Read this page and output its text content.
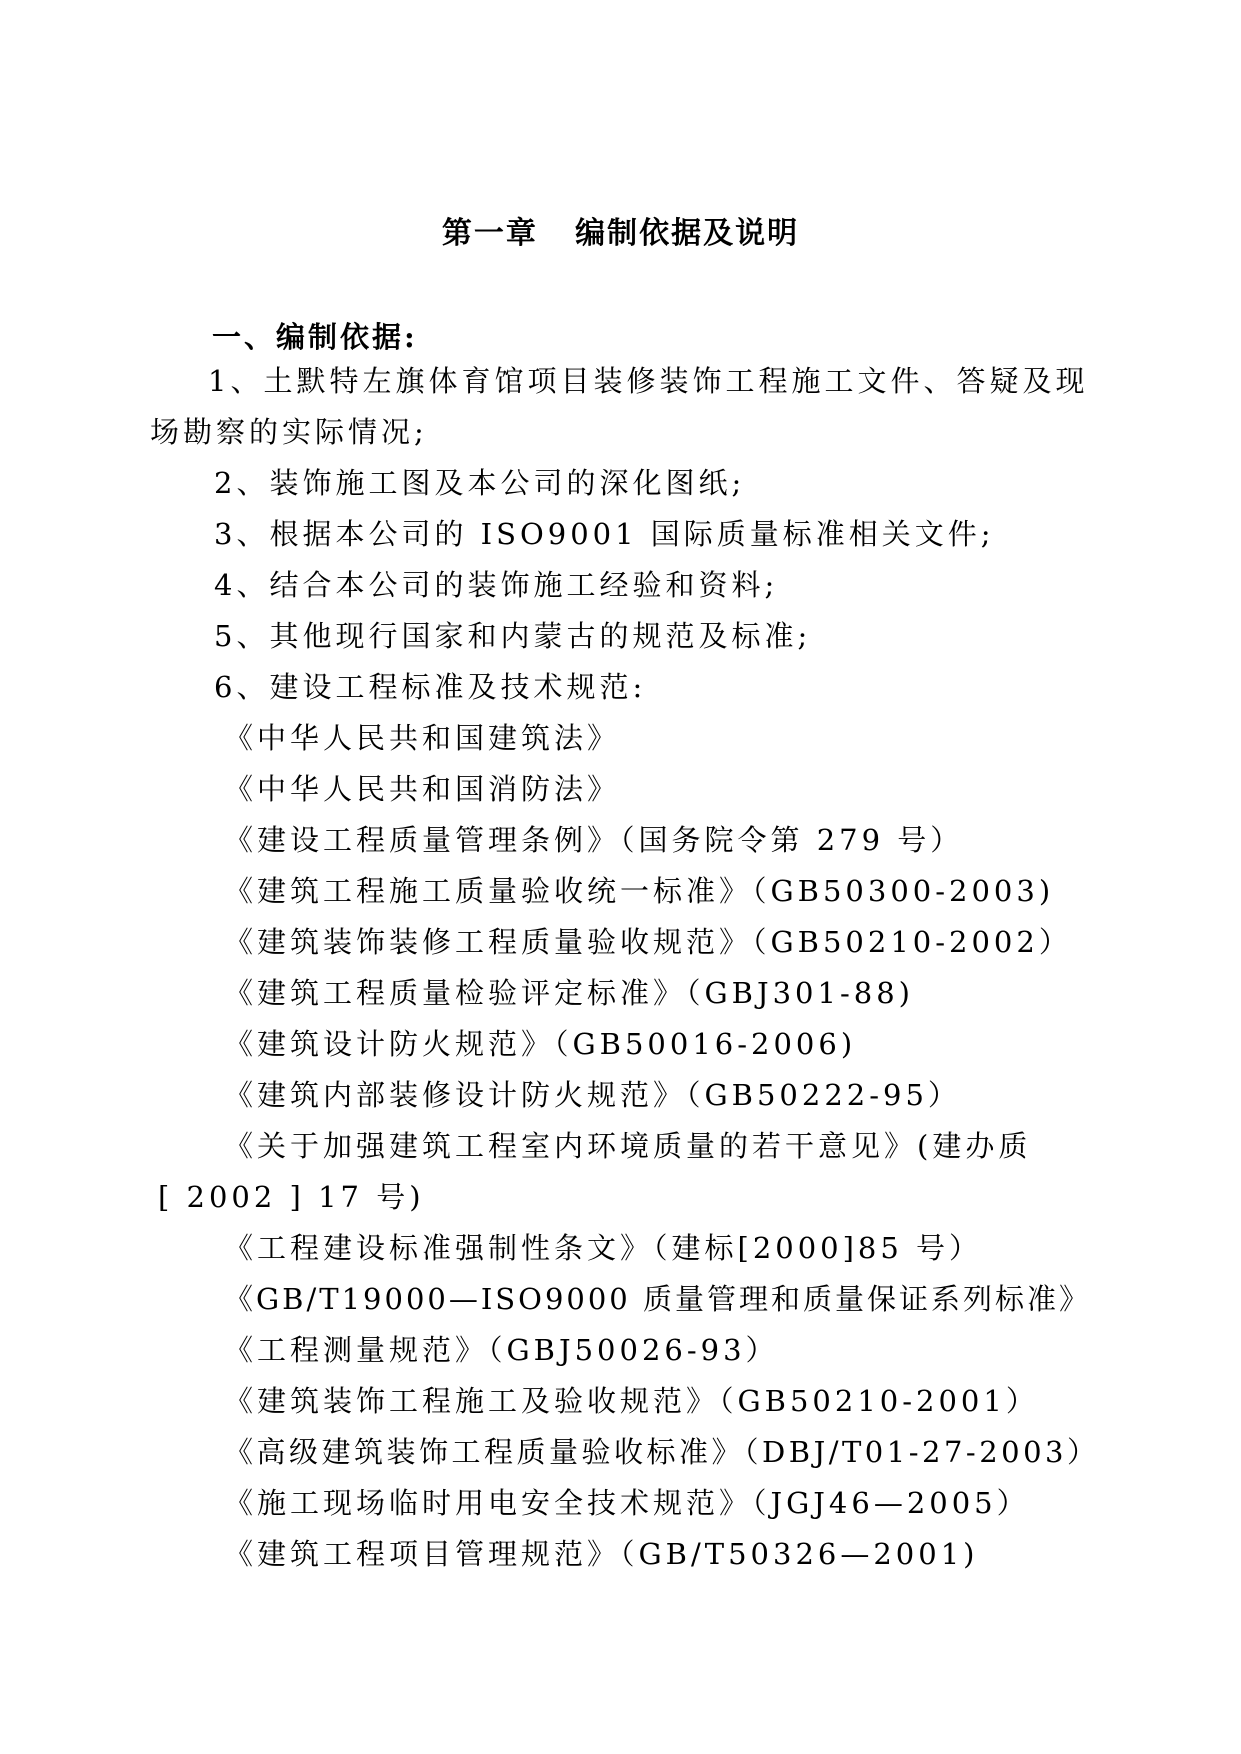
第一章   编制依据及说明
一、编制依据:
1、土默特左旗体育馆项目装修装饰工程施工文件、答疑及现
场勘察的实际情况;
2、装饰施工图及本公司的深化图纸;
3、根据本公司的 ISO9001 国际质量标准相关文件;
4、结合本公司的装饰施工经验和资料;
5、其他现行国家和内蒙古的规范及标准;
6、建设工程标准及技术规范:
《中华人民共和国建筑法》
《中华人民共和国消防法》
《建设工程质量管理条例》（国务院令第 279 号）
《建筑工程施工质量验收统一标准》（GB50300-2003)
《建筑装饰装修工程质量验收规范》（GB50210-2002）
《建筑工程质量检验评定标准》（GBJ301-88)
《建筑设计防火规范》（GB50016-2006)
《建筑内部装修设计防火规范》（GB50222-95）
《关于加强建筑工程室内环境质量的若干意见》(建办质
[ 2002 ] 17 号)
《工程建设标准强制性条文》（建标[2000]85 号）
《GB/T19000—ISO9000 质量管理和质量保证系列标准》
《工程测量规范》（GBJ50026-93）
《建筑装饰工程施工及验收规范》（GB50210-2001）
《高级建筑装饰工程质量验收标准》（DBJ/T01-27-2003）
《施工现场临时用电安全技术规范》（JGJ46—2005）
《建筑工程项目管理规范》（GB/T50326—2001)
